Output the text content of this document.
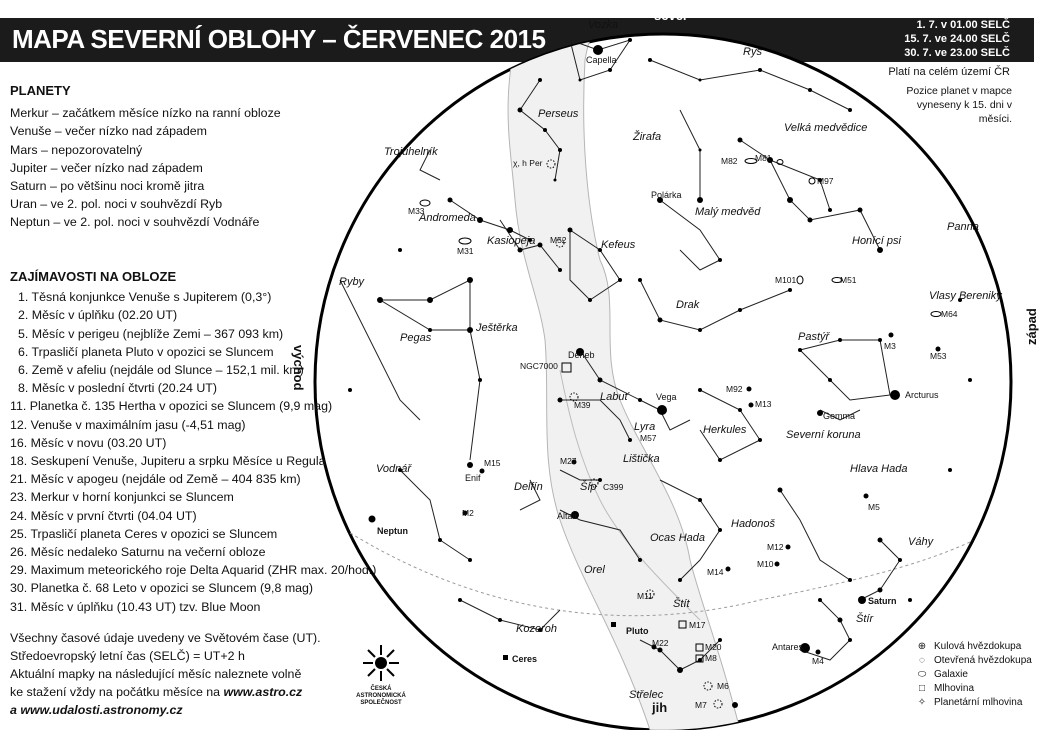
MAPA SEVERNÍ OBLOHY – ČERVENEC 2015	1. 7. v 01.00 SELČ
15. 7. ve 24.00 SELČ
30. 7. ve 23.00 SELČ
Platí na celém území ČR
Pozice planet v mapce vyneseny k 15. dni v měsíci.
Vozka
Rys
Perseus
Žirafa
Velká medvědice
Trojúhelník
Andromeda
Kasiopeja	Kefeus
Malý medvěd
Honící psi
Panna
Ryby
Ještěrka
Drak
Vlasy Bereniky
Pegas	Pastýř
Labuť
Lyra	Herkules	Severní koruna
Vodnář
Lištička
Delfín	Šíp
Hlava Hada
Hadonoš
Ocas Hada	Váhy
Orel
Štít
Kozoroh
Štír
Střelec
Capella
Polárka
Deneb
Vega	Arcturus
Gemma
Altair
Enif
Antares
χ, h Per
M33
M31
M52
M82 M81
M97
M101	M51
M64
M3
M53
NGC7000
M39
M92
M13
M57
M27
M15
C399
M2
M5
M12
M10
M14
M11
M17
M22	M20
M8
M6
M7
M4
Neptun
Ceres
Pluto
Saturn
sever
jih
východ
západ
PLANETY
Merkur – začátkem měsíce nízko na ranní obloze
Venuše – večer nízko nad západem
Mars – nepozorovatelný
Jupiter – večer nízko nad západem
Saturn – po většinu noci kromě jitra
Uran – ve 2. pol. noci v souhvězdí Ryb
Neptun – ve 2. pol. noci v souhvězdí Vodnáře
ZAJÍMAVOSTI NA OBLOZE
1. Těsná konjunkce Venuše s Jupiterem (0,3°)
2. Měsíc v úplňku (02.20 UT)
5. Měsíc v perigeu (nejblíže Zemi – 367 093 km)
6. Trpasličí planeta Pluto v opozici se Sluncem
6. Země v afeliu (nejdále od Slunce – 152,1 mil. km)
8. Měsíc v poslední čtvrti (20.24 UT)
11. Planetka č. 135 Hertha v opozici se Sluncem (9,9 mag)
12. Venuše v maximálním jasu (-4,51 mag)
16. Měsíc v novu (03.20 UT)
18. Seskupení Venuše, Jupiteru a srpku Měsíce u Regula
21. Měsíc v apogeu (nejdále od Země – 404 835 km)
23. Merkur v horní konjunkci se Sluncem
24. Měsíc v první čtvrti (04.04 UT)
25. Trpasličí planeta Ceres v opozici se Sluncem
26. Měsíc nedaleko Saturnu na večerní obloze
29. Maximum meteorického roje Delta Aquarid (ZHR max. 20/hod.)
30. Planetka č. 68 Leto v opozici se Sluncem (9,8 mag)
31. Měsíc v úplňku (10.43 UT) tzv. Blue Moon
Všechny časové údaje uvedeny ve Světovém čase (UT).
Středoevropský letní čas (SELČ) = UT+2 h
Aktuální mapky na následující měsíc naleznete volně
ke stažení vždy na počátku měsíce na www.astro.cz
a www.udalosti.astronomy.cz
ČESKÁ
ASTRONOMICKÁ
SPOLEČNOST
⊕ Kulová hvězdokupa
◌ Otevřená hvězdokupa
⬭ Galaxie
□ Mlhovina
✧ Planetární mlhovina
